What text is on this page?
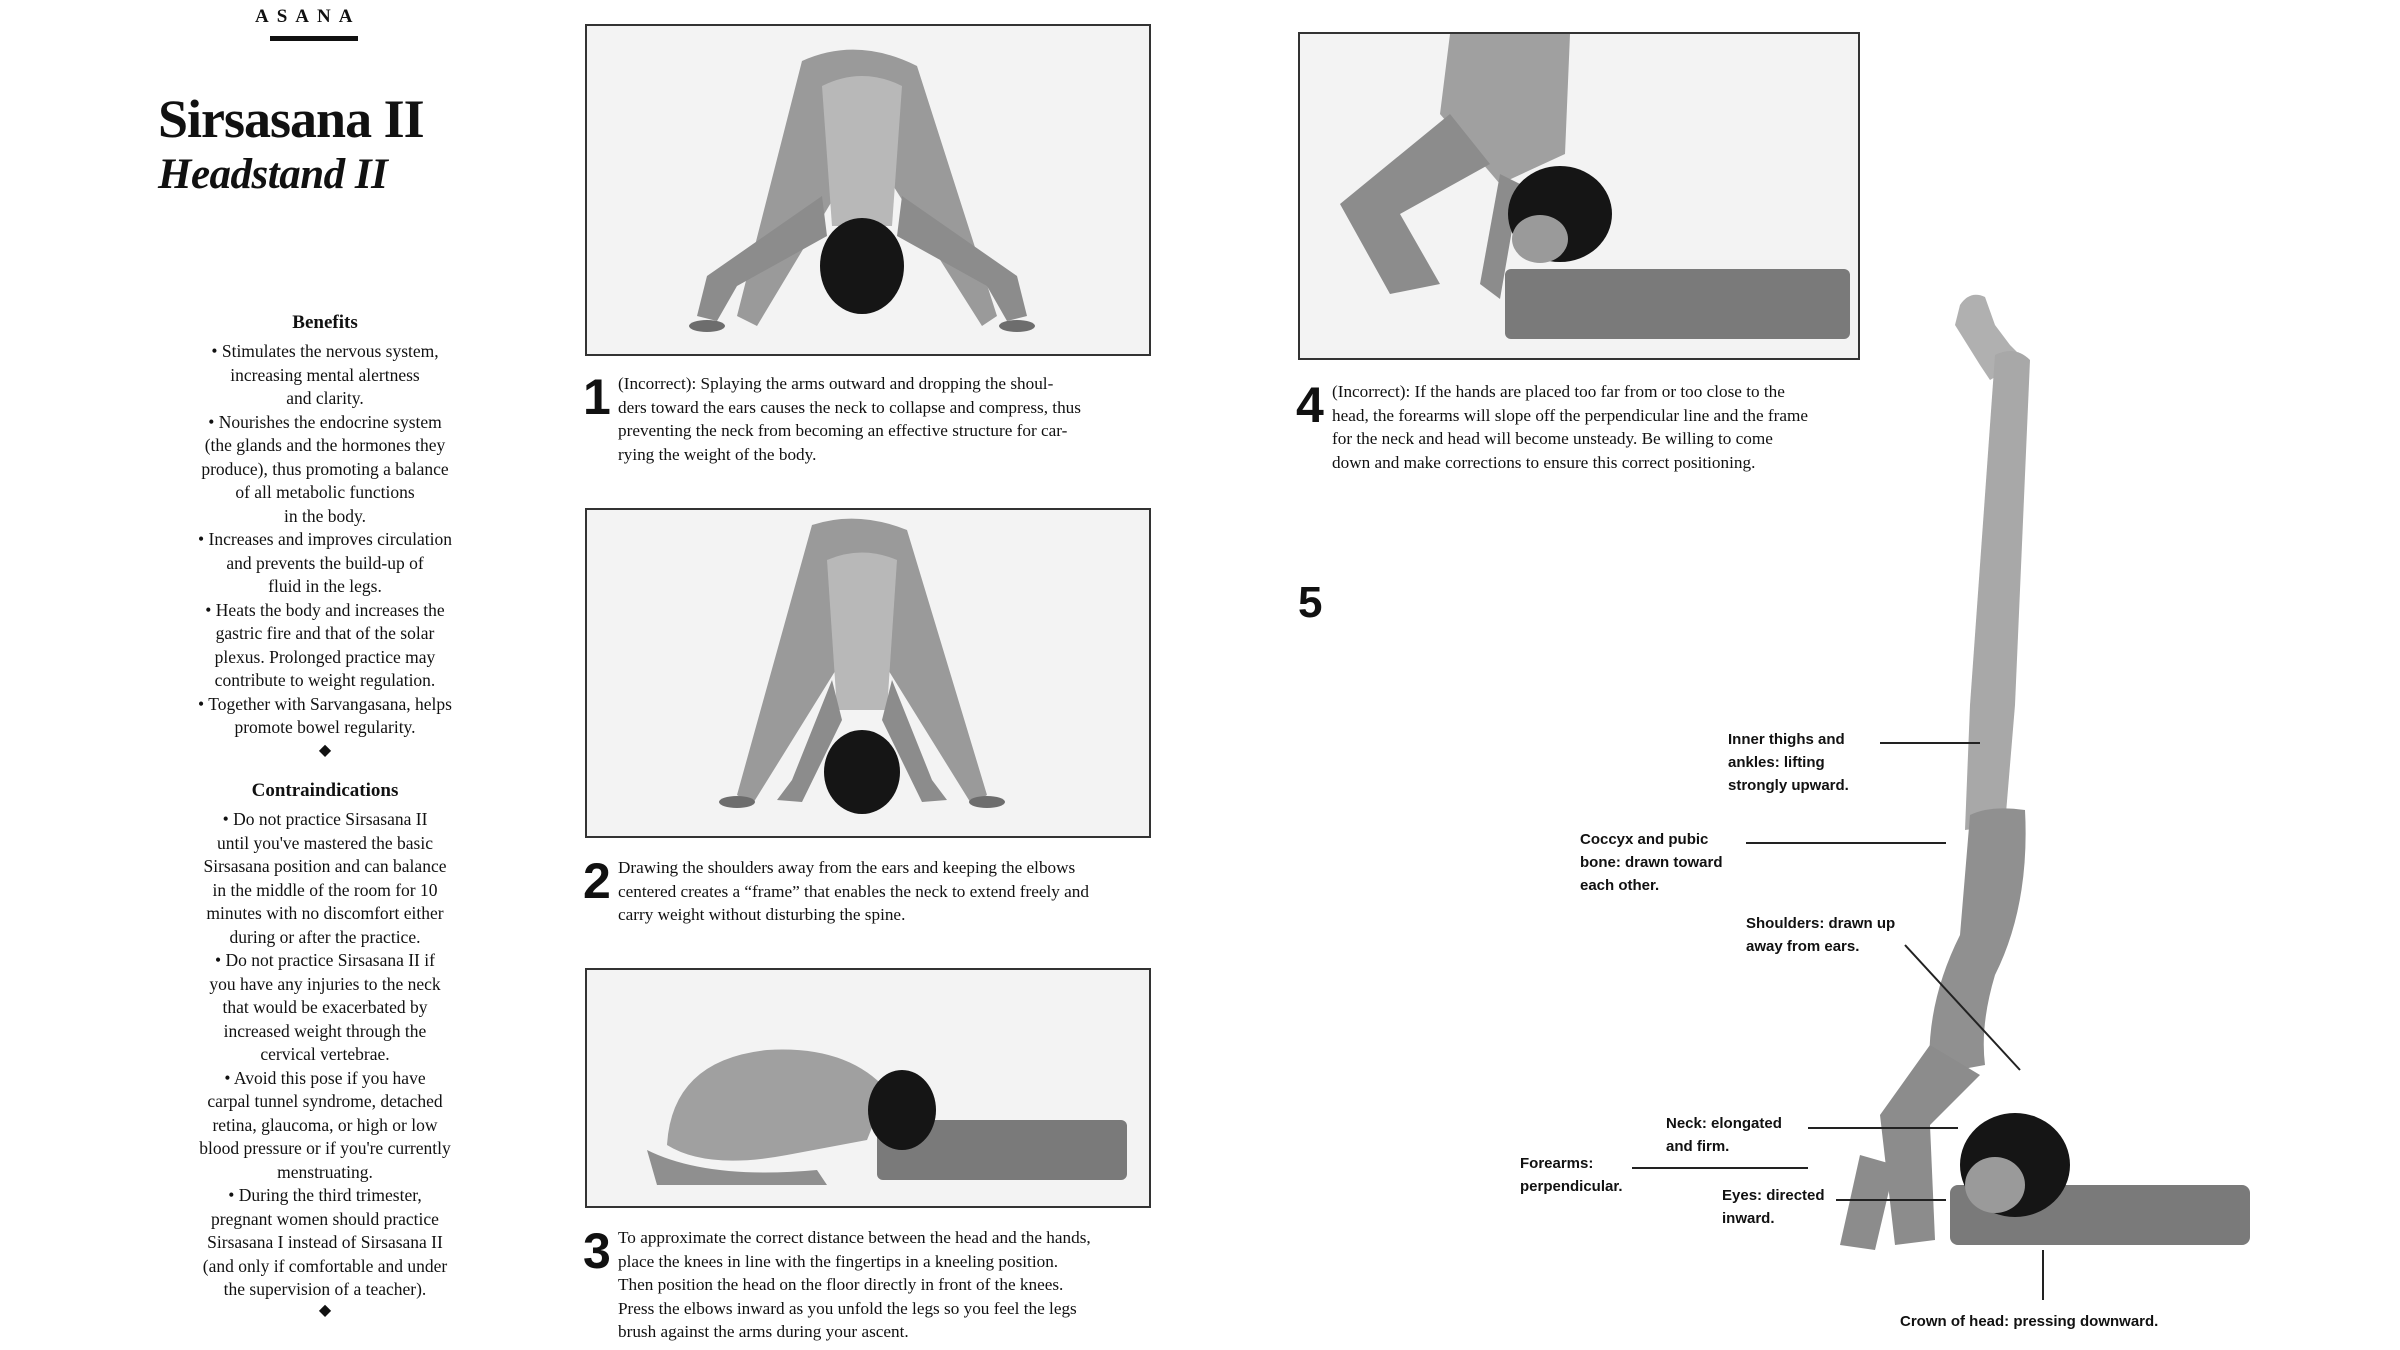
ASANA
Sirsasana II
Headstand II
Benefits

• Stimulates the nervous system,

increasing mental alertness

and clarity.

• Nourishes the endocrine system

(the glands and the hormones they

produce), thus promoting a balance

of all metabolic functions

in the body.

• Increases and improves circulation

and prevents the build-up of

fluid in the legs.

• Heats the body and increases the

gastric fire and that of the solar

plexus. Prolonged practice may

contribute to weight regulation.

• Together with Sarvangasana, helps

promote bowel regularity.

◆
Contraindications

• Do not practice Sirsasana II

until you've mastered the basic

Sirsasana position and can balance

in the middle of the room for 10

minutes with no discomfort either

during or after the practice.

• Do not practice Sirsasana II if

you have any injuries to the neck

that would be exacerbated by

increased weight through the

cervical vertebrae.

• Avoid this pose if you have

carpal tunnel syndrome, detached

retina, glaucoma, or high or low

blood pressure or if you're currently

menstruating.

• During the third trimester,

pregnant women should practice

Sirsasana I instead of Sirsasana II

(and only if comfortable and under

the supervision of a teacher).

◆
1 (Incorrect): Splaying the arms outward and dropping the shoul-
ders toward the ears causes the neck to collapse and compress, thus
preventing the neck from becoming an effective structure for car-
rying the weight of the body.
2 Drawing the shoulders away from the ears and keeping the elbows
centered creates a “frame” that enables the neck to extend freely and
carry weight without disturbing the spine.
3 To approximate the correct distance between the head and the hands,
place the knees in line with the fingertips in a kneeling position.
Then position the head on the floor directly in front of the knees.
Press the elbows inward as you unfold the legs so you feel the legs
brush against the arms during your ascent.
4 (Incorrect): If the hands are placed too far from or too close to the
head, the forearms will slope off the perpendicular line and the frame
for the neck and head will become unsteady. Be willing to come
down and make corrections to ensure this correct positioning.
5
Inner thighs and
ankles: lifting
strongly upward.
Coccyx and pubic
bone: drawn toward
each other.
Shoulders: drawn up
away from ears.
Neck: elongated
and firm.
Forearms:
perpendicular.
Eyes: directed
inward.
Crown of head: pressing downward.
